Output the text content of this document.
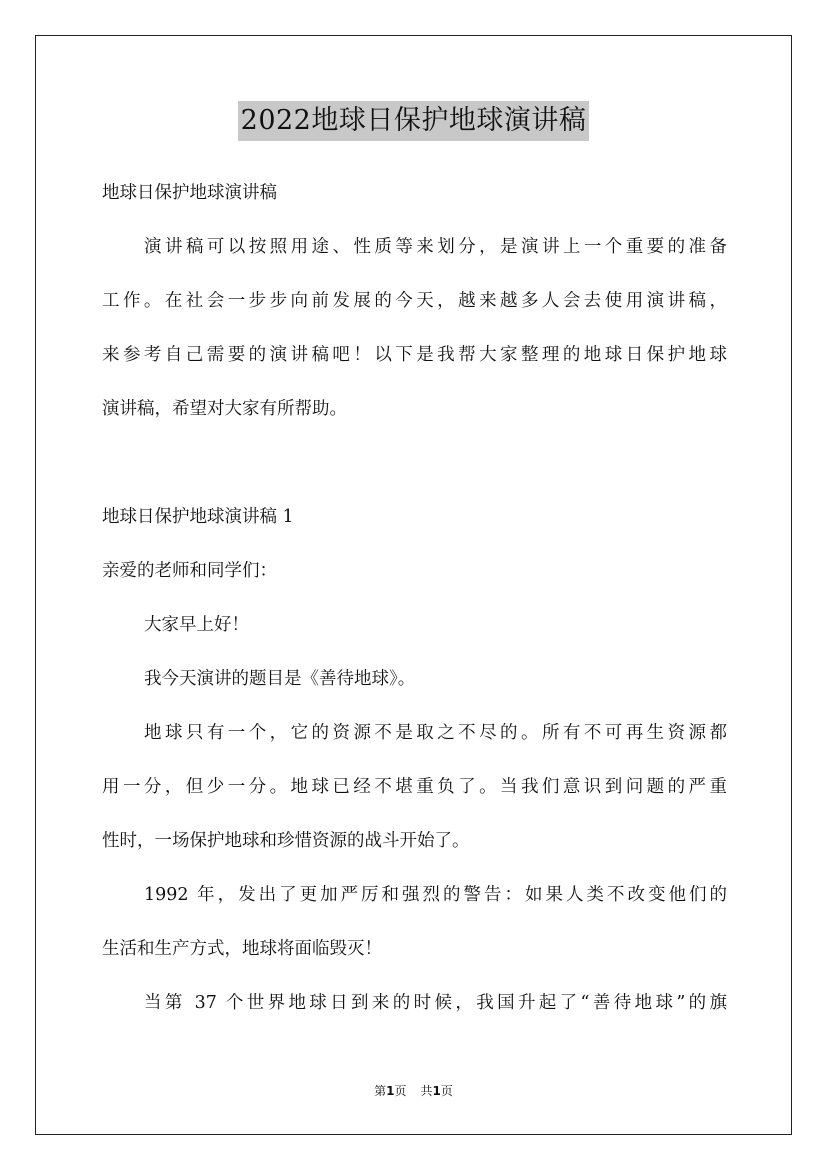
2022地球日保护地球演讲稿
地球日保护地球演讲稿
演讲稿可以按照用途、性质等来划分，是演讲上一个重要的准备
工作。在社会一步步向前发展的今天，越来越多人会去使用演讲稿，
来参考自己需要的演讲稿吧！以下是我帮大家整理的地球日保护地球
演讲稿，希望对大家有所帮助。
地球日保护地球演讲稿 1
亲爱的老师和同学们：
大家早上好！
我今天演讲的题目是《善待地球》。
地球只有一个，它的资源不是取之不尽的。所有不可再生资源都
用一分，但少一分。地球已经不堪重负了。当我们意识到问题的严重
性时，一场保护地球和珍惜资源的战斗开始了。
1992 年，发出了更加严厉和强烈的警告：如果人类不改变他们的
生活和生产方式，地球将面临毁灭！
当第 37 个世界地球日到来的时候，我国升起了“善待地球”的旗
第1页 共1页
